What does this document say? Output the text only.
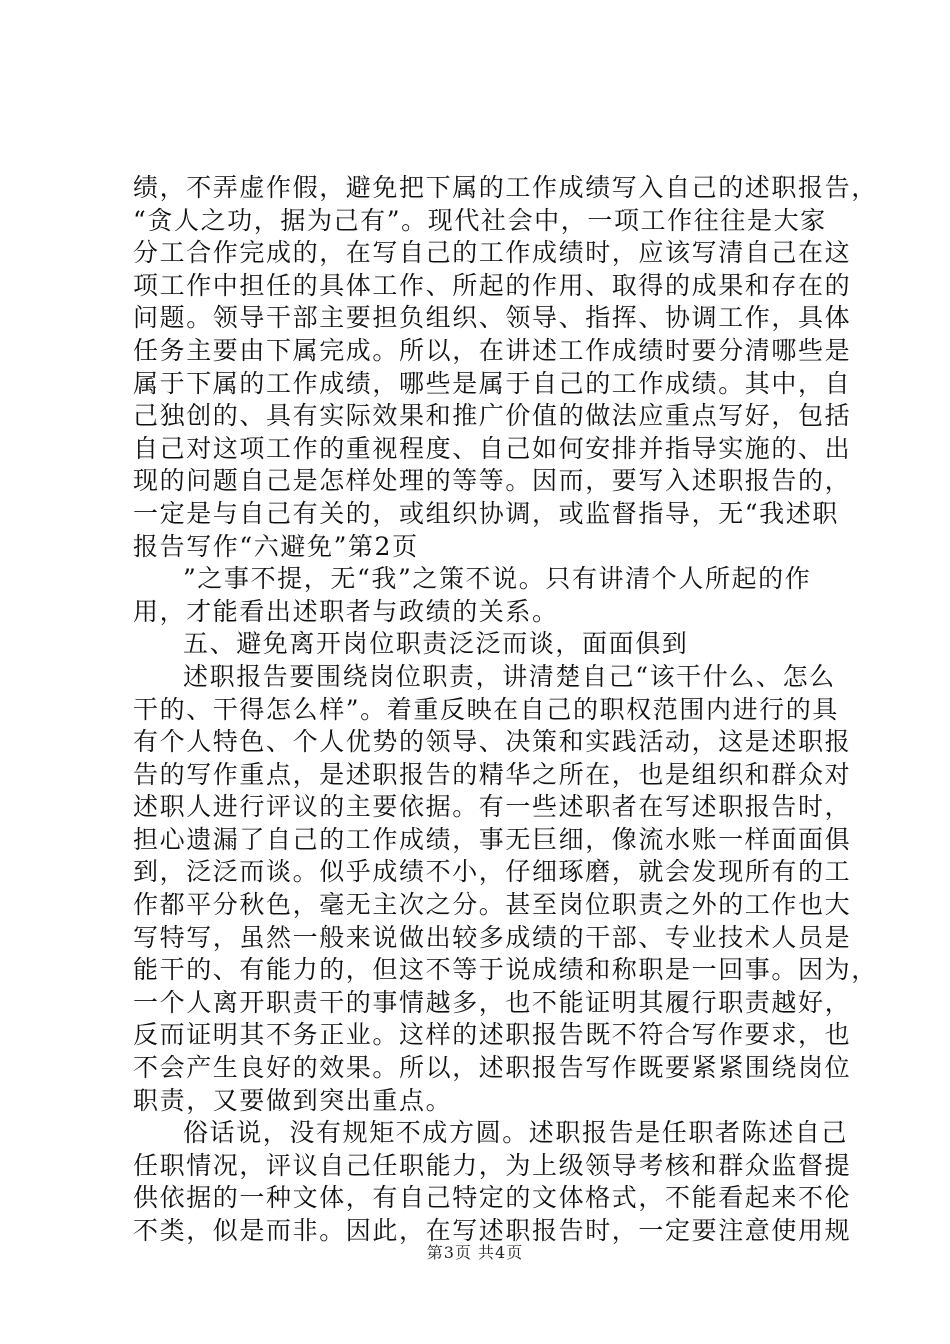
绩，不弄虚作假，避免把下属的工作成绩写入自己的述职报告，
“贪人之功，据为己有”。现代社会中，一项工作往往是大家
分工合作完成的，在写自己的工作成绩时，应该写清自己在这
项工作中担任的具体工作、所起的作用、取得的成果和存在的
问题。领导干部主要担负组织、领导、指挥、协调工作，具体
任务主要由下属完成。所以，在讲述工作成绩时要分清哪些是
属于下属的工作成绩，哪些是属于自己的工作成绩。其中，自
己独创的、具有实际效果和推广价值的做法应重点写好，包括
自己对这项工作的重视程度、自己如何安排并指导实施的、出
现的问题自己是怎样处理的等等。因而，要写入述职报告的，
一定是与自己有关的，或组织协调，或监督指导，无“我述职
报告写作“六避免”第2页
”之事不提，无“我”之策不说。只有讲清个人所起的作
用，才能看出述职者与政绩的关系。
五、避免离开岗位职责泛泛而谈，面面俱到
述职报告要围绕岗位职责，讲清楚自己“该干什么、怎么
干的、干得怎么样”。着重反映在自己的职权范围内进行的具
有个人特色、个人优势的领导、决策和实践活动，这是述职报
告的写作重点，是述职报告的精华之所在，也是组织和群众对
述职人进行评议的主要依据。有一些述职者在写述职报告时，
担心遗漏了自己的工作成绩，事无巨细，像流水账一样面面俱
到，泛泛而谈。似乎成绩不小，仔细琢磨，就会发现所有的工
作都平分秋色，毫无主次之分。甚至岗位职责之外的工作也大
写特写，虽然一般来说做出较多成绩的干部、专业技术人员是
能干的、有能力的，但这不等于说成绩和称职是一回事。因为，
一个人离开职责干的事情越多，也不能证明其履行职责越好，
反而证明其不务正业。这样的述职报告既不符合写作要求，也
不会产生良好的效果。所以，述职报告写作既要紧紧围绕岗位
职责，又要做到突出重点。
俗话说，没有规矩不成方圆。述职报告是任职者陈述自己
任职情况，评议自己任职能力，为上级领导考核和群众监督提
供依据的一种文体，有自己特定的文体格式，不能看起来不伦
不类，似是而非。因此，在写述职报告时，一定要注意使用规
第3页 共4页
